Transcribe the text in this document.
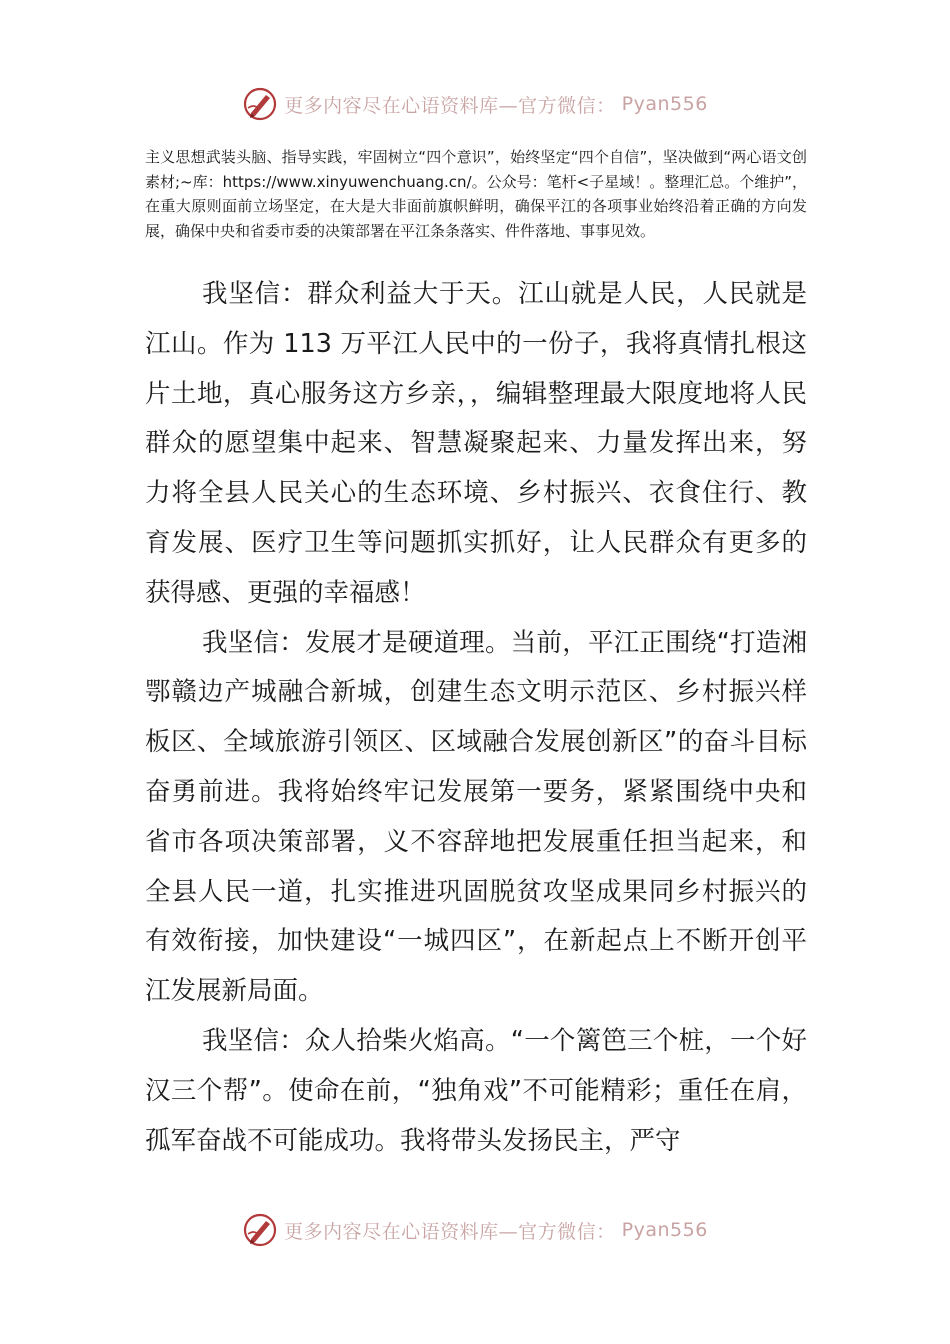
更多内容尽在心语资料库—官方微信： Pyan556

主义思想武装头脑、指导实践，牢固树立“四个意识”，始终坚定“四个自信”，坚决做到“两心语文创素材;~库：https://www.xinyuwenchuang.cn/。公众号：笔杆<子星域！。整理汇总。个维护”，在重大原则面前立场坚定，在大是大非面前旗帜鲜明，确保平江的各项事业始终沿着正确的方向发展，确保中央和省委市委的决策部署在平江条条落实、件件落地、事事见效。

我坚信：群众利益大于天。江山就是人民，人民就是江山。作为 113 万平江人民中的一份子，我将真情扎根这片土地，真心服务这方乡亲，，编辑整理最大限度地将人民群众的愿望集中起来、智慧凝聚起来、力量发挥出来，努力将全县人民关心的生态环境、乡村振兴、衣食住行、教育发展、医疗卫生等问题抓实抓好，让人民群众有更多的获得感、更强的幸福感！

我坚信：发展才是硬道理。当前，平江正围绕“打造湘鄂赣边产城融合新城，创建生态文明示范区、乡村振兴样板区、全域旅游引领区、区域融合发展创新区”的奋斗目标奋勇前进。我将始终牢记发展第一要务，紧紧围绕中央和省市各项决策部署，义不容辞地把发展重任担当起来，和全县人民一道，扎实推进巩固脱贫攻坚成果同乡村振兴的有效衔接，加快建设“一城四区”，在新起点上不断开创平江发展新局面。

我坚信：众人拾柴火焰高。“一个篱笆三个桩，一个好汉三个帮”。使命在前，“独角戏”不可能精彩；重任在肩，孤军奋战不可能成功。我将带头发扬民主，严守

更多内容尽在心语资料库—官方微信： Pyan556
